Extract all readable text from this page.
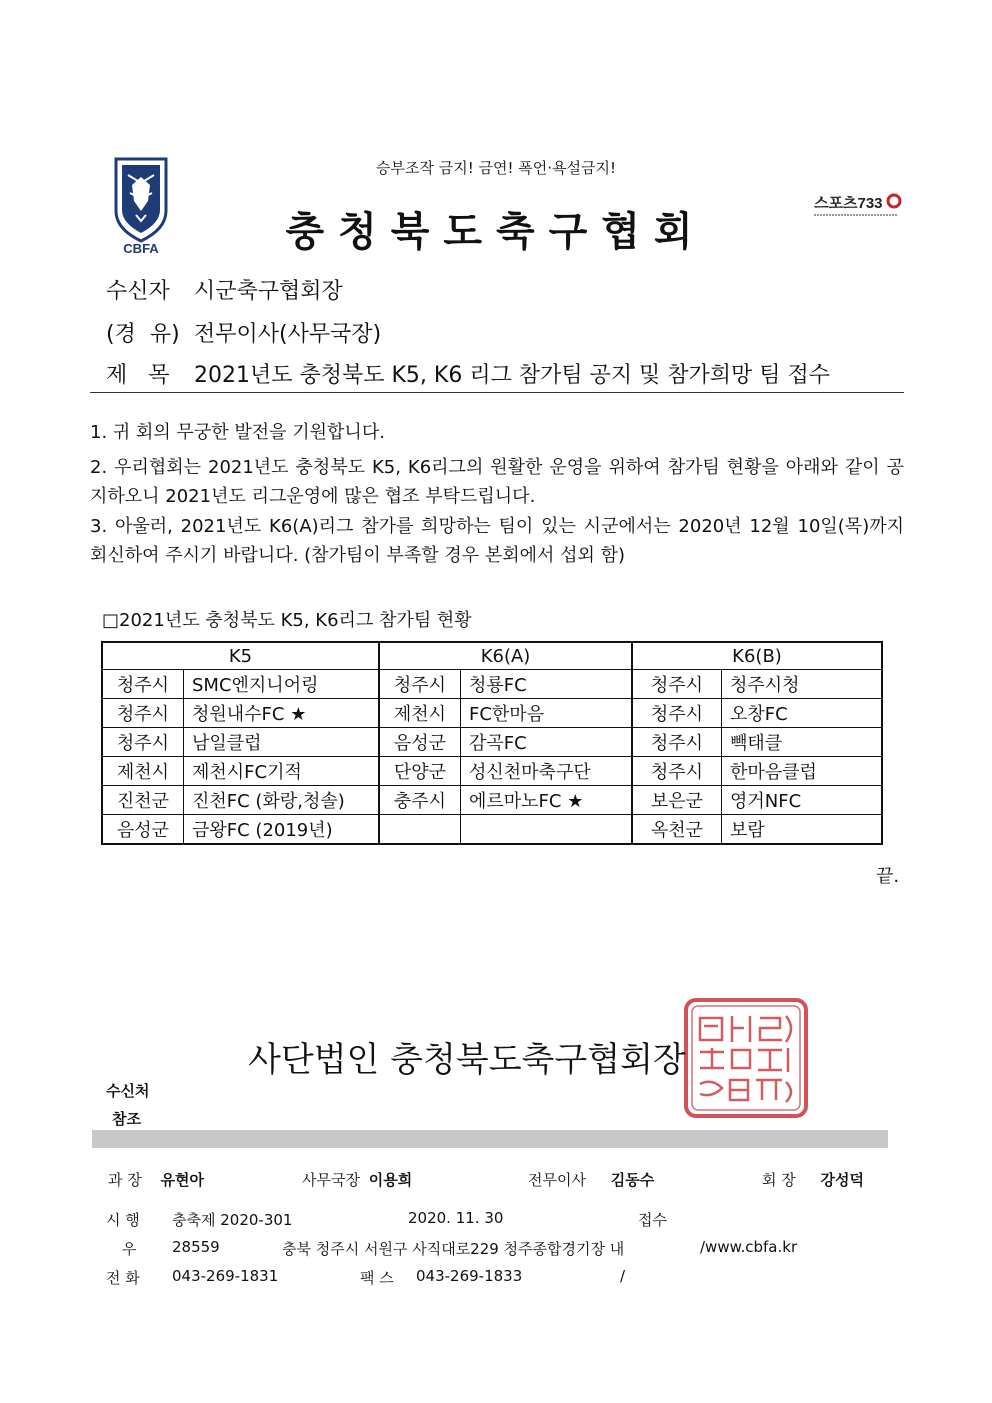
CBFA
승부조작 금지! 금연! 폭언·욕설금지!
충청북도축구협회
스포츠733
수신자 시군축구협회장
(경  유) 전무이사(사무국장)
제   목 2021년도 충청북도 K5, K6 리그 참가팀 공지 및 참가희망 팀 접수
1. 귀 회의 무궁한 발전을 기원합니다.
2. 우리협회는 2021년도 충청북도 K5, K6리그의 원활한 운영을 위하여 참가팀 현황을 아래와 같이 공지하오니 2021년도 리그운영에 많은 협조 부탁드립니다.
3. 아울러, 2021년도 K6(A)리그 참가를 희망하는 팀이 있는 시군에서는 2020년 12월 10일(목)까지 회신하여 주시기 바랍니다. (참가팀이 부족할 경우 본회에서 섭외 함)
□2021년도 충청북도 K5, K6리그 참가팀 현황
K5		K6(A)		K6(B)	
청주시	SMC엔지니어링	청주시	청룡FC	청주시	청주시청
청주시	청원내수FC ★	제천시	FC한마음	청주시	오창FC
청주시	남일클럽	음성군	감곡FC	청주시	빽태클
제천시	제천시FC기적	단양군	성신천마축구단	청주시	한마음클럽
진천군	진천FC (화랑,청솔)	충주시	에르마노FC ★	보은군	영거NFC
음성군	금왕FC (2019년)			옥천군	보람
끝.
사단법인 충청북도축구협회장
수신처
참조
과 장 유현아	사무국장 이용희	전무이사 김동수	회 장 강성덕
시 행 충축제 2020-301	2020. 11. 30	접수
우 28559	충북 청주시 서원구 사직대로229 청주종합경기장 내	/www.cbfa.kr
전 화 043-269-1831	팩 스 043-269-1833	/
